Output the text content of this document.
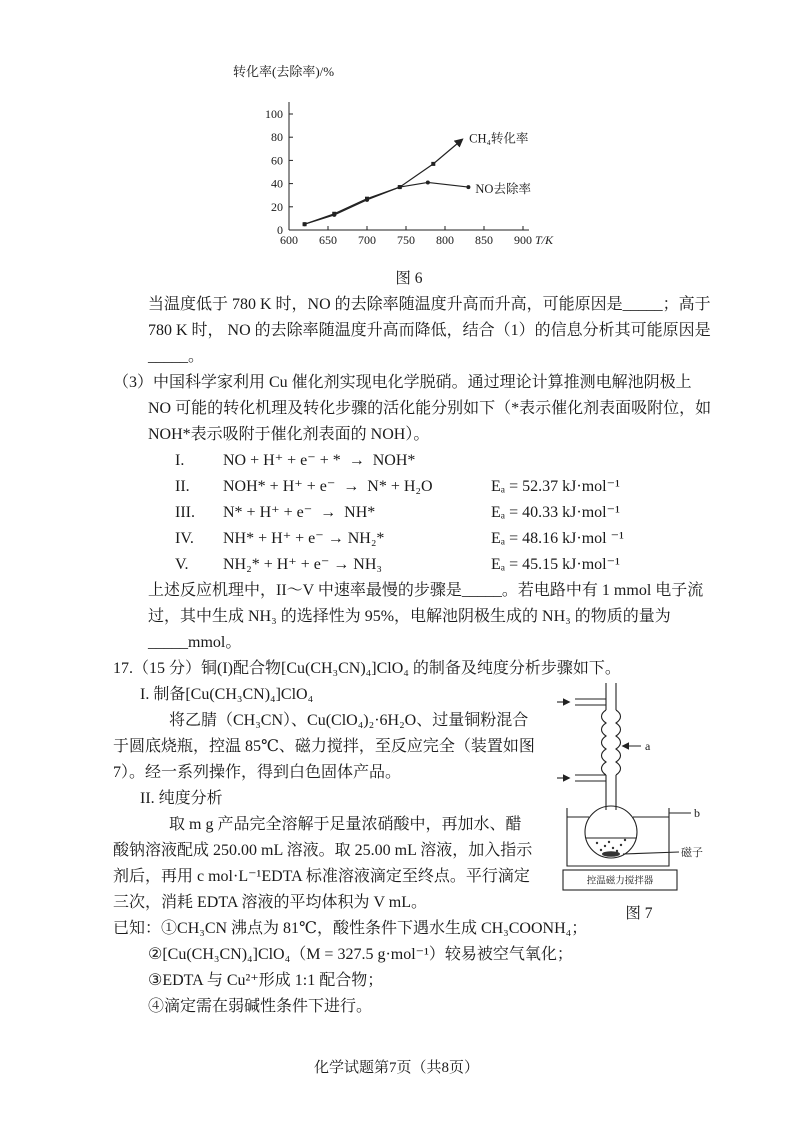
600 650 700 750 800 850 900
0
20
40
60
80
100
转化率(去除率)/%
T/K
CH₄转化率
NO去除率
图 6

当温度低于 780 K 时，NO 的去除率随温度升高而升高，可能原因是_____；高于 780 K 时， NO 的去除率随温度升高而降低，结合（1）的信息分析其可能原因是_____。

（3）中国科学家利用 Cu 催化剂实现电化学脱硝。通过理论计算推测电解池阴极上 NO 可能的转化机理及转化步骤的活化能分别如下（*表示催化剂表面吸附位，如 NOH*表示吸附于催化剂表面的 NOH）。

I.	NO + H⁺ + e⁻ + *  →  NOH*
II.	NOH* + H⁺ + e⁻  →  N* + H₂O	Eₐ = 52.37 kJ·mol⁻¹
III.	N* + H⁺ + e⁻  →  NH*	Eₐ = 40.33 kJ·mol⁻¹
IV.	NH* + H⁺ + e⁻ → NH₂*	Eₐ = 48.16 kJ·mol ⁻¹
V.	NH₂* + H⁺ + e⁻ → NH₃	Eₐ = 45.15 kJ·mol⁻¹

上述反应机理中，II～V 中速率最慢的步骤是_____。若电路中有 1 mmol 电子流过，其中生成 NH₃ 的选择性为 95%，电解池阴极生成的 NH₃ 的物质的量为_____mmol。

17.（15 分）铜(I)配合物[Cu(CH₃CN)₄]ClO₄ 的制备及纯度分析步骤如下。
a
b
磁子
控温磁力搅拌器
图 7
I. 制备[Cu(CH₃CN)₄]ClO₄

将乙腈（CH₃CN）、Cu(ClO₄)₂·6H₂O、过量铜粉混合于圆底烧瓶，控温 85℃、磁力搅拌，至反应完全（装置如图 7）。经一系列操作，得到白色固体产品。

II. 纯度分析

取 m g 产品完全溶解于足量浓硝酸中，再加水、醋酸钠溶液配成 250.00 mL 溶液。取 25.00 mL 溶液，加入指示剂后，再用 c mol·L⁻¹EDTA 标准溶液滴定至终点。平行滴定三次，消耗 EDTA 溶液的平均体积为 V mL。

已知：①CH₃CN 沸点为 81℃，酸性条件下遇水生成 CH₃COONH₄；
②[Cu(CH₃CN)₄]ClO₄（M = 327.5 g·mol⁻¹）较易被空气氧化；
③EDTA 与 Cu²⁺形成 1:1 配合物；
④滴定需在弱碱性条件下进行。
化学试题第7页（共8页）
